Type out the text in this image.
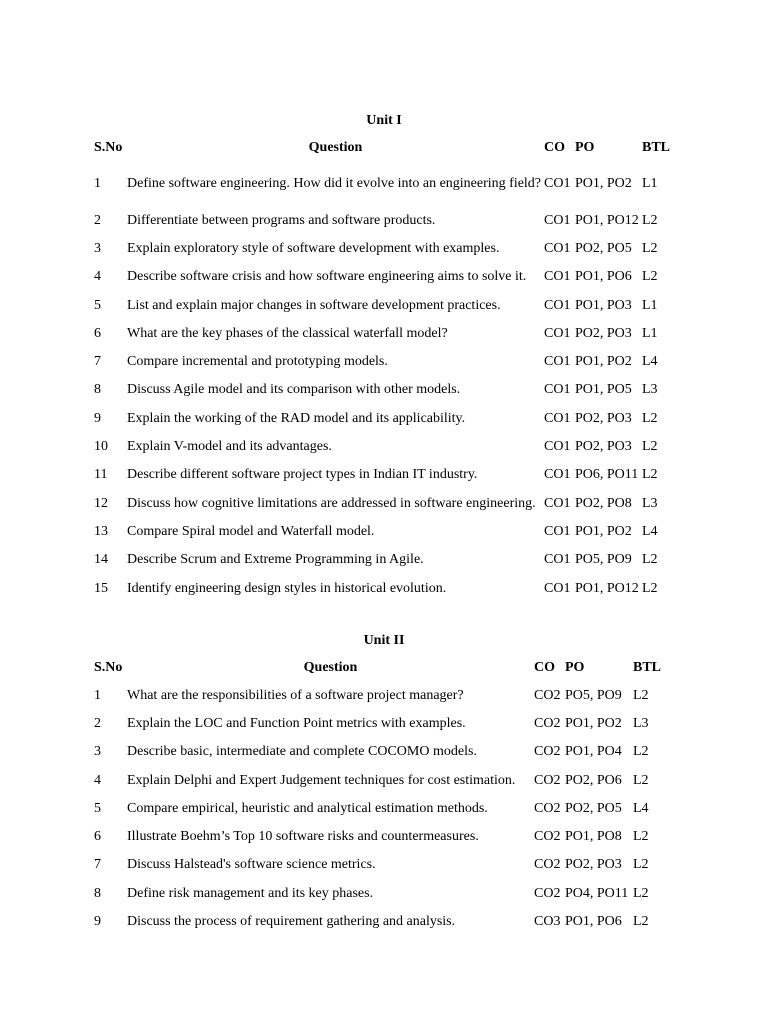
Unit I
S.No	Question	CO	PO	BTL
1	Define software engineering. How did it evolve into an engineering field?	CO1	PO1, PO2	L1
2	Differentiate between programs and software products.	CO1	PO1, PO12	L2
3	Explain exploratory style of software development with examples.	CO1	PO2, PO5	L2
4	Describe software crisis and how software engineering aims to solve it.	CO1	PO1, PO6	L2
5	List and explain major changes in software development practices.	CO1	PO1, PO3	L1
6	What are the key phases of the classical waterfall model?	CO1	PO2, PO3	L1
7	Compare incremental and prototyping models.	CO1	PO1, PO2	L4
8	Discuss Agile model and its comparison with other models.	CO1	PO1, PO5	L3
9	Explain the working of the RAD model and its applicability.	CO1	PO2, PO3	L2
10	Explain V-model and its advantages.	CO1	PO2, PO3	L2
11	Describe different software project types in Indian IT industry.	CO1	PO6, PO11	L2
12	Discuss how cognitive limitations are addressed in software engineering.	CO1	PO2, PO8	L3
13	Compare Spiral model and Waterfall model.	CO1	PO1, PO2	L4
14	Describe Scrum and Extreme Programming in Agile.	CO1	PO5, PO9	L2
15	Identify engineering design styles in historical evolution.	CO1	PO1, PO12	L2
Unit II
S.No	Question	CO	PO	BTL
1	What are the responsibilities of a software project manager?	CO2	PO5, PO9	L2
2	Explain the LOC and Function Point metrics with examples.	CO2	PO1, PO2	L3
3	Describe basic, intermediate and complete COCOMO models.	CO2	PO1, PO4	L2
4	Explain Delphi and Expert Judgement techniques for cost estimation.	CO2	PO2, PO6	L2
5	Compare empirical, heuristic and analytical estimation methods.	CO2	PO2, PO5	L4
6	Illustrate Boehm’s Top 10 software risks and countermeasures.	CO2	PO1, PO8	L2
7	Discuss Halstead's software science metrics.	CO2	PO2, PO3	L2
8	Define risk management and its key phases.	CO2	PO4, PO11	L2
9	Discuss the process of requirement gathering and analysis.	CO3	PO1, PO6	L2
